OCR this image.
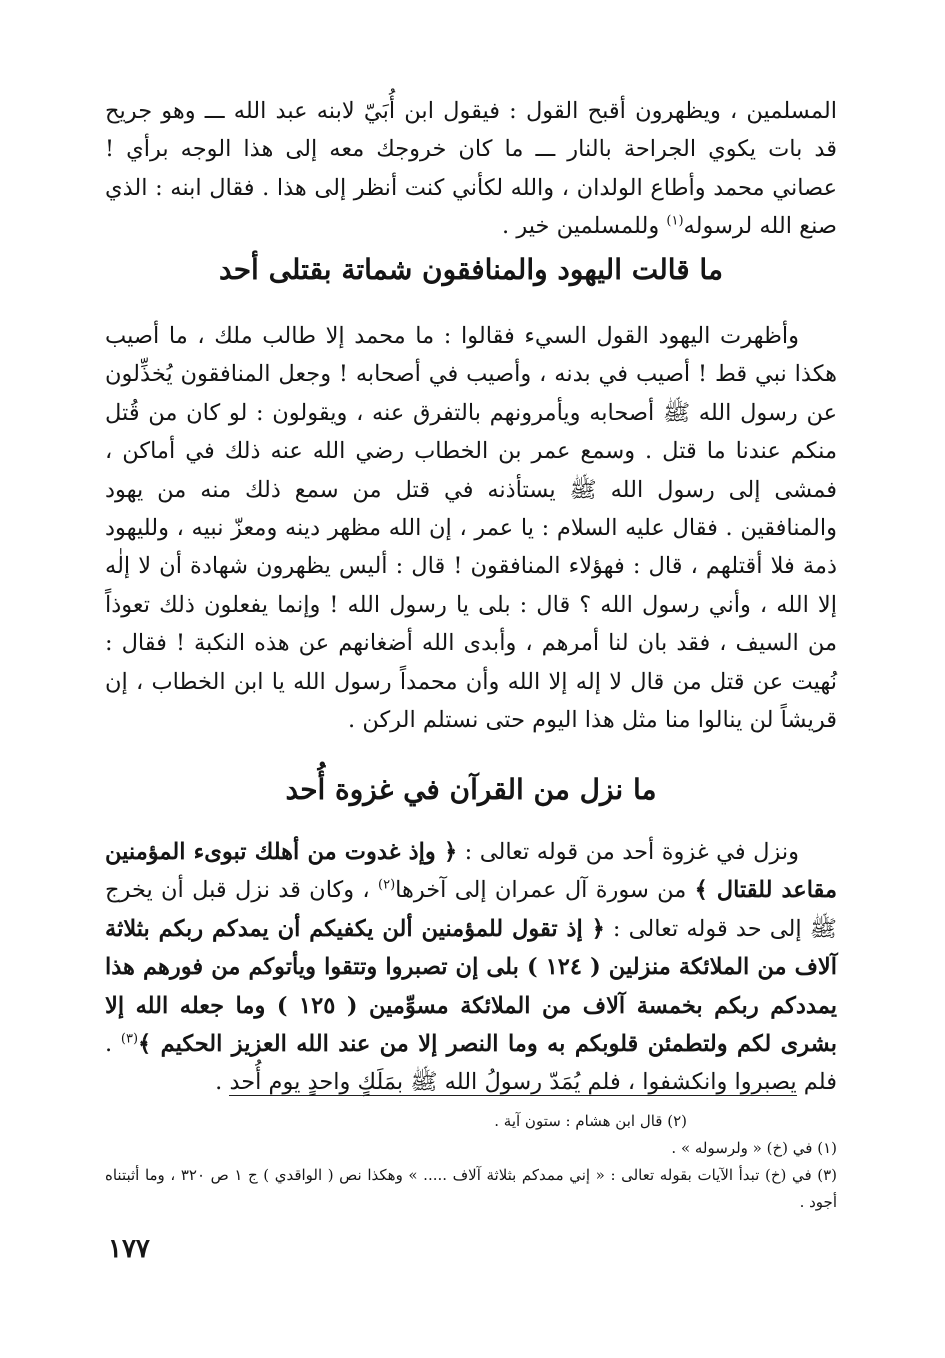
المسلمين ، ويظهرون أقبح القول : فيقول ابن أُبَيّ لابنه عبد الله ـــ وهو جريح قد بات يكوي الجراحة بالنار ـــ ما كان خروجك معه إلى هذا الوجه برأي ! عصاني محمد وأطاع الولدان ، والله لكأني كنت أنظر إلى هذا . فقال ابنه : الذي صنع الله لرسوله$^{(١)}$ وللمسلمين خير .

ما قالت اليهود والمنافقون شماتة بقتلى أحد

وأظهرت اليهود القول السيء فقالوا : ما محمد إلا طالب ملك ، ما أصيب هكذا نبي قط ! أصيب في بدنه ، وأصيب في أصحابه ! وجعل المنافقون يُخذِّلون عن رسول الله ﷺ أصحابه ويأمرونهم بالتفرق عنه ، ويقولون : لو كان من قُتل منكم عندنا ما قتل . وسمع عمر بن الخطاب رضي الله عنه ذلك في أماكن ، فمشى إلى رسول الله ﷺ يستأذنه في قتل من سمع ذلك منه من يهود والمنافقين . فقال عليه السلام : يا عمر ، إن الله مظهر دينه ومعزّ نبيه ، ولليهود ذمة فلا أقتلهم ، قال : فهؤلاء المنافقون ! قال : أليس يظهرون شهادة أن لا إلٰه إلا الله ، وأني رسول الله ؟ قال : بلى يا رسول الله ! وإنما يفعلون ذلك تعوذاً من السيف ، فقد بان لنا أمرهم ، وأبدى الله أضغانهم عن هذه النكبة ! فقال : نُهيت عن قتل من قال لا إله إلا الله وأن محمداً رسول الله يا ابن الخطاب ، إن قريشاً لن ينالوا منا مثل هذا اليوم حتى نستلم الركن .

ما نزل من القرآن في غزوة أُحد

ونزل في غزوة أحد من قوله تعالى : ﴿ وإذ غدوت من أهلك تبوىء المؤمنين مقاعد للقتال ﴾ من سورة آل عمران إلى آخرها$^{(٢)}$ ، وكان قد نزل قبل أن يخرج ﷺ إلى حد قوله تعالى : ﴿ إذ تقول للمؤمنين ألن يكفيكم أن يمدكم ربكم بثلاثة آلاف من الملائكة منزلين ( ١٢٤ ) بلى إن تصبروا وتتقوا ويأتوكم من فورهم هذا يمددكم ربكم بخمسة آلاف من الملائكة مسوِّمين ( ١٢٥ ) وما جعله الله إلا بشرى لكم ولتطمئن قلوبكم به وما النصر إلا من عند الله العزيز الحكيم ﴾$^{(٣)}$ . فلم يصبروا وانكشفوا ، فلم يُمَدّ رسولُ الله ﷺ بمَلَكٍ واحدٍ يوم أُحد .

(٢) قال ابن هشام : ستون آية .

(١) في (خ) « ولرسوله » .

(٣) في (خ) تبدأ الآيات بقوله تعالى : « إني ممدكم بثلاثة آلاف ..... » وهكذا نص ( الواقدي ) ج ١ ص ٣٢٠ ، وما أثبتناه أجود .

١٧٧
